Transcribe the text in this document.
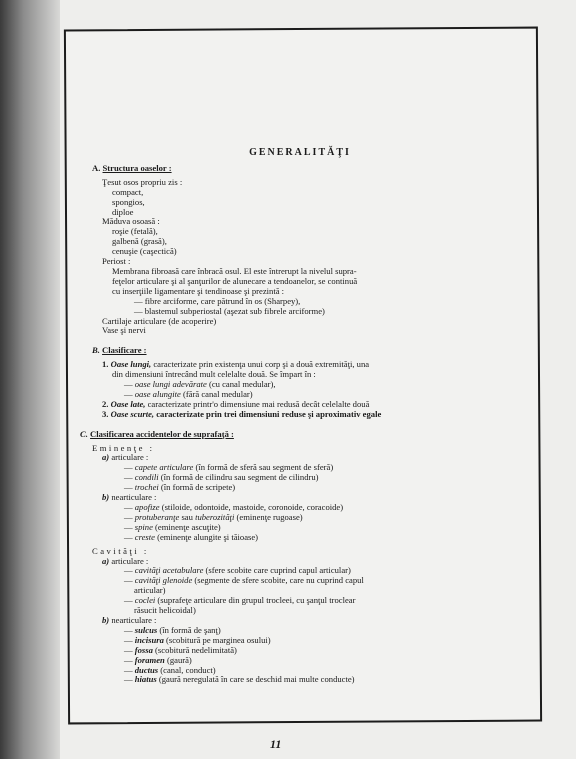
GENERALITĂŢI
A. Structura oaselor :
Ţesut osos propriu zis :
compact,
spongios,
diploe
Măduva osoasă :
roşie (fetală),
galbenă (grasă),
cenuşie (caşectică)
Periost :
Membrana fibroasă care înbracă osul. El este întrerupt la nivelul supra-
feţelor articulare şi al şanţurilor de alunecare a tendoanelor, se continuă
cu inserţiile ligamentare şi tendinoase şi prezintă :
— fibre arciforme, care pătrund în os (Sharpey),
— blastemul subperiostal (aşezat sub fibrele arciforme)
Cartilaje articulare (de acoperire)
Vase şi nervi
B. Clasificare :
1. Oase lungi, caracterizate prin existenţa unui corp şi a două extremităţi, una
din dimensiuni întrecând mult celelalte două. Se împart în :
— oase lungi adevărate (cu canal medular),
— oase alungite (fără canal medular)
2. Oase late, caracterizate printr'o dimensiune mai redusă decât celelalte două
3. Oase scurte, caracterizate prin trei dimensiuni reduse şi aproximativ egale
C. Clasificarea accidentelor de suprafaţă :
Eminenţe :
a) articulare :
— capete articulare (în formă de sferă sau segment de sferă)
— condili (în formă de cilindru sau segment de cilindru)
— trochei (în formă de scripete)
b) nearticulare :
— apofize (stiloide, odontoide, mastoide, coronoide, coracoide)
— protuberanţe sau tuberozităţi (eminenţe rugoase)
— spine (eminenţe ascuţite)
— creste (eminenţe alungite şi tăioase)
Cavităţi :
a) articulare :
— cavităţi acetabulare (sfere scobite care cuprind capul articular)
— cavităţi glenoide (segmente de sfere scobite, care nu cuprind capul
articular)
— coclei (suprafeţe articulare din grupul trocleei, cu şanţul troclear
răsucit helicoidal)
b) nearticulare :
— sulcus (în formă de şanţ)
— incisura (scobitură pe marginea osului)
— fossa (scobitură nedelimitată)
— foramen (gaură)
— ductus (canal, conduct)
— hiatus (gaură neregulată în care se deschid mai multe conducte)
11
